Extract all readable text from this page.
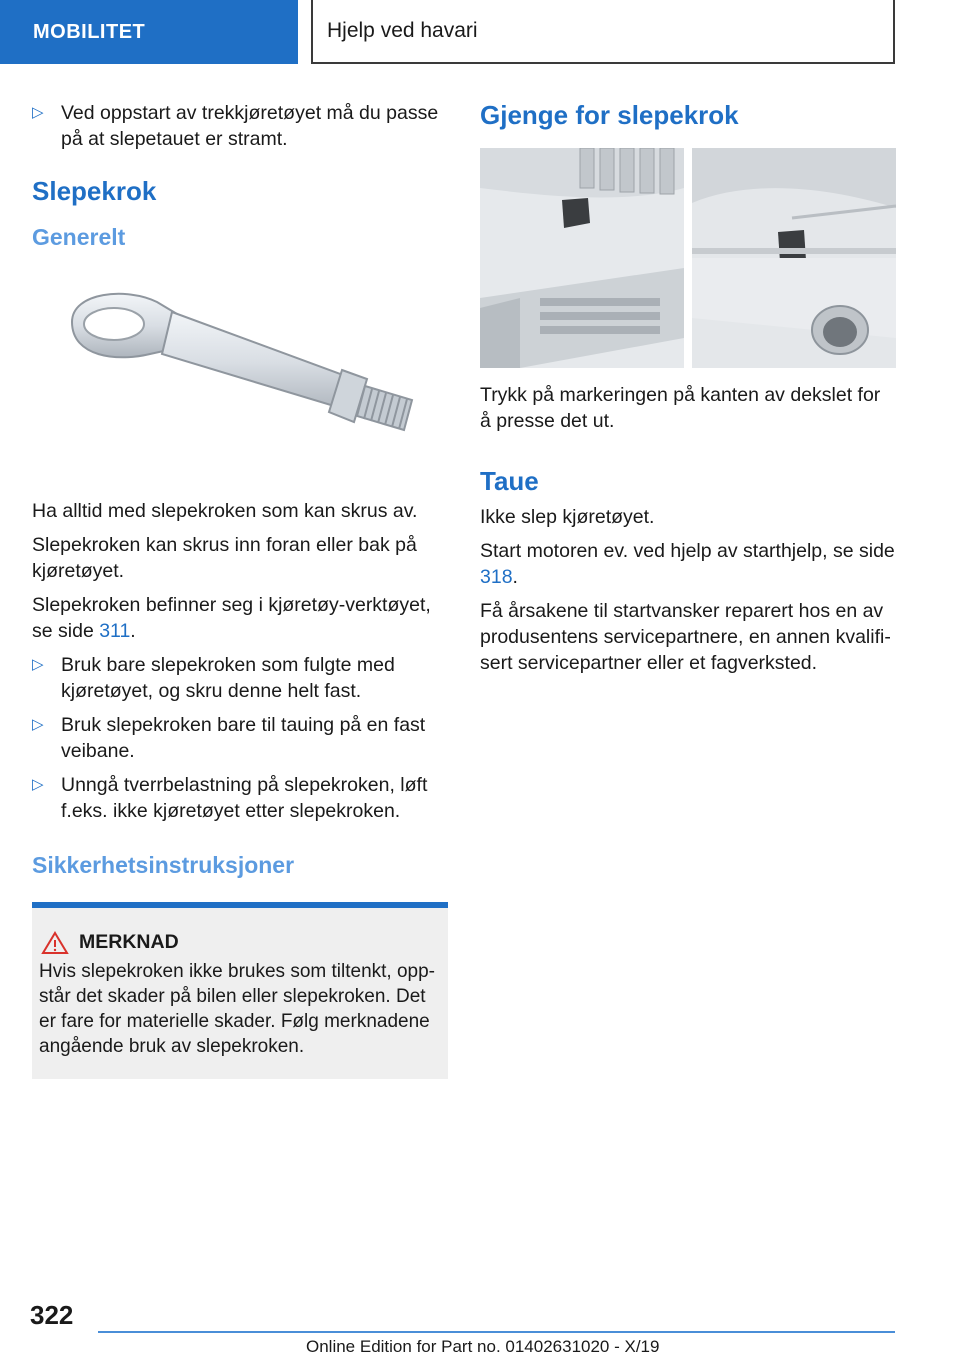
MOBILITET	Hjelp ved havari
▷ Ved oppstart av trekkjøretøyet må du passe på at slepetauet er stramt.
Slepekrok
Generelt

Ha alltid med slepekroken som kan skrus av.

Slepekroken kan skrus inn foran eller bak på kjøretøyet.

Slepekroken befinner seg i kjøretøy-verktøyet, se side 311.

▷ Bruk bare slepekroken som fulgte med kjøretøyet, og skru denne helt fast.
▷ Bruk slepekroken bare til tauing på en fast veibane.
▷ Unngå tverrbelastning på slepekroken, løft f.eks. ikke kjøretøyet etter slepekroken.
Sikkerhetsinstruksjoner
MERKNAD
Hvis slepekroken ikke brukes som tiltenkt, oppstår det skader på bilen eller slepekroken. Det er fare for materielle skader. Følg merknadene angående bruk av slepekroken.
Gjenge for slepekrok

Trykk på markeringen på kanten av dekslet for å presse det ut.

Taue

Ikke slep kjøretøyet.

Start motoren ev. ved hjelp av starthjelp, se side 318.

Få årsakene til startvansker reparert hos en av produsentens servicepartnere, en annen kvalifisert servicepartner eller et fagverksted.

322
Online Edition for Part no. 01402631020 - X/19
